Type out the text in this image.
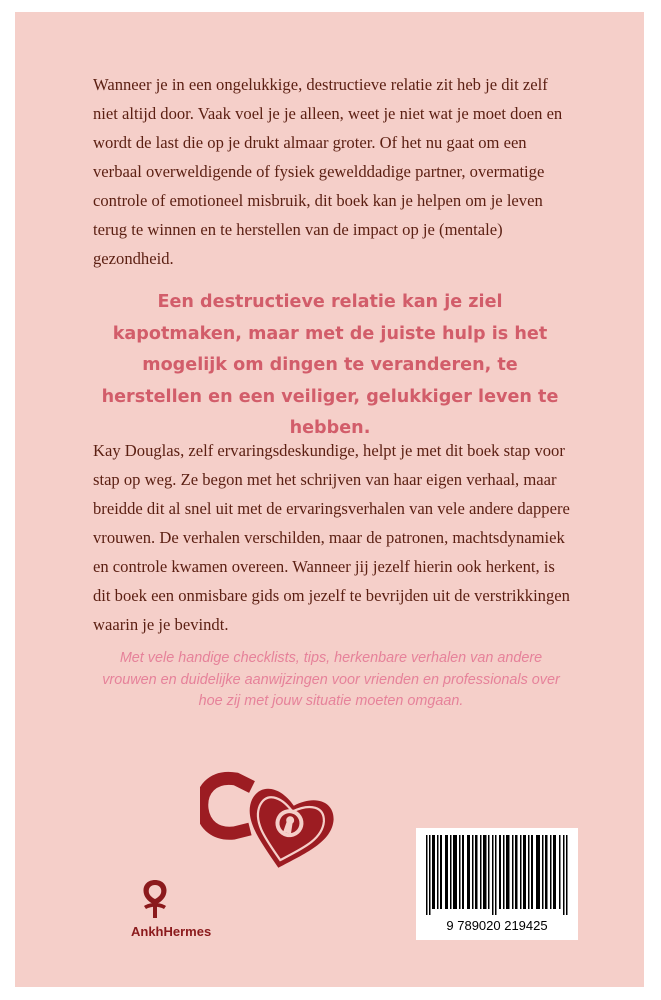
Wanneer je in een ongelukkige, destructieve relatie zit heb je dit zelf niet altijd door. Vaak voel je je alleen, weet je niet wat je moet doen en wordt de last die op je drukt almaar groter. Of het nu gaat om een verbaal overweldigende of fysiek gewelddadige partner, overmatige controle of emotioneel misbruik, dit boek kan je helpen om je leven terug te winnen en te herstellen van de impact op je (mentale) gezondheid.

Een destructieve relatie kan je ziel kapotmaken, maar met de juiste hulp is het mogelijk om dingen te veranderen, te herstellen en een veiliger, gelukkiger leven te hebben.

Kay Douglas, zelf ervaringsdeskundige, helpt je met dit boek stap voor stap op weg. Ze begon met het schrijven van haar eigen verhaal, maar breidde dit al snel uit met de ervaringsverhalen van vele andere dappere vrouwen. De verhalen verschilden, maar de patronen, machtsdynamiek en controle kwamen overeen. Wanneer jij jezelf hierin ook herkent, is dit boek een onmisbare gids om jezelf te bevrijden uit de verstrikkingen waarin je je bevindt.

Met vele handige checklists, tips, herkenbare verhalen van andere vrouwen en duidelijke aanwijzingen voor vrienden en professionals over hoe zij met jouw situatie moeten omgaan.

AnkhHermes	9 789020 219425
